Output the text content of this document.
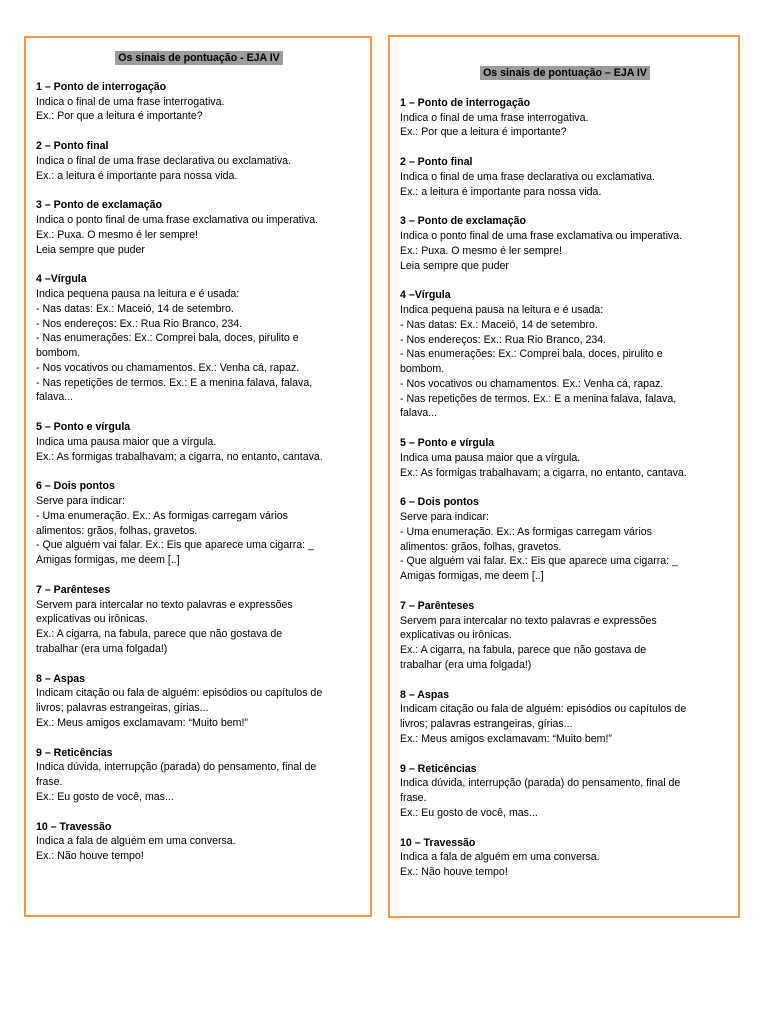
Os sinais de pontuação - EJA IV
1 – Ponto de interrogação
Indica o final de uma frase interrogativa.
Ex.: Por que a leitura é importante?
2 – Ponto final
Indica o final de uma frase declarativa ou exclamativa.
Ex.: a leitura é importante para nossa vida.
3 – Ponto de exclamação
Indica o ponto final de uma frase exclamativa ou imperativa.
Ex.: Puxa. O mesmo é ler sempre!
Leia sempre que puder
4 –Vírgula
Indica pequena pausa na leitura e é usada:
- Nas datas: Ex.: Maceió, 14 de setembro.
- Nos endereços: Ex.: Rua Rio Branco, 234.
- Nas enumerações: Ex.: Comprei bala, doces, pirulito e
bombom.
- Nos vocativos ou chamamentos. Ex.: Venha cá, rapaz.
- Nas repetições de termos. Ex.: E a menina falava, falava,
falava...
5 – Ponto e vírgula
Indica uma pausa maior que a vírgula.
Ex.: As formigas trabalhavam; a cigarra, no entanto, cantava.
6 – Dois pontos
Serve para indicar:
- Uma enumeração. Ex.: As formigas carregam vários
alimentos: grãos, folhas, gravetos.
- Que alguém vai falar. Ex.: Eis que aparece uma cigarra: _
Amigas formigas, me deem [..]
7 – Parênteses
Servem para intercalar no texto palavras e expressões
explicativas ou irônicas.
Ex.: A cigarra, na fabula, parece que não gostava de
trabalhar (era uma folgada!)
8 – Aspas
Indicam citação ou fala de alguém: episódios ou capítulos de
livros; palavras estrangeiras, gírias...
Ex.: Meus amigos exclamavam: “Muito bem!”
9 – Reticências
Indica dúvida, interrupção (parada) do pensamento, final de
frase.
Ex.: Eu gosto de você, mas...
10 – Travessão
Indica a fala de alguém em uma conversa.
Ex.: Não houve tempo!
Os sinais de pontuação – EJA IV
1 – Ponto de interrogação
Indica o final de uma frase interrogativa.
Ex.: Por que a leitura é importante?
2 – Ponto final
Indica o final de uma frase declarativa ou exclamativa.
Ex.: a leitura é importante para nossa vida.
3 – Ponto de exclamação
Indica o ponto final de uma frase exclamativa ou imperativa.
Ex.: Puxa. O mesmo é ler sempre!
Leia sempre que puder
4 –Vírgula
Indica pequena pausa na leitura e é usada:
- Nas datas: Ex.: Maceió, 14 de setembro.
- Nos endereços: Ex.: Rua Rio Branco, 234.
- Nas enumerações: Ex.: Comprei bala, doces, pirulito e
bombom.
- Nos vocativos ou chamamentos. Ex.: Venha cá, rapaz.
- Nas repetições de termos. Ex.: E a menina falava, falava,
falava...
5 – Ponto e vírgula
Indica uma pausa maior que a vírgula.
Ex.: As formigas trabalhavam; a cigarra, no entanto, cantava.
6 – Dois pontos
Serve para indicar:
- Uma enumeração. Ex.: As formigas carregam vários
alimentos: grãos, folhas, gravetos.
- Que alguém vai falar. Ex.: Eis que aparece uma cigarra: _
Amigas formigas, me deem [..]
7 – Parênteses
Servem para intercalar no texto palavras e expressões
explicativas ou irônicas.
Ex.: A cigarra, na fabula, parece que não gostava de
trabalhar (era uma folgada!)
8 – Aspas
Indicam citação ou fala de alguém: episódios ou capítulos de
livros; palavras estrangeiras, gírias...
Ex.: Meus amigos exclamavam: “Muito bem!”
9 – Reticências
Indica dúvida, interrupção (parada) do pensamento, final de
frase.
Ex.: Eu gosto de você, mas...
10 – Travessão
Indica a fala de alguém em uma conversa.
Ex.: Não houve tempo!
